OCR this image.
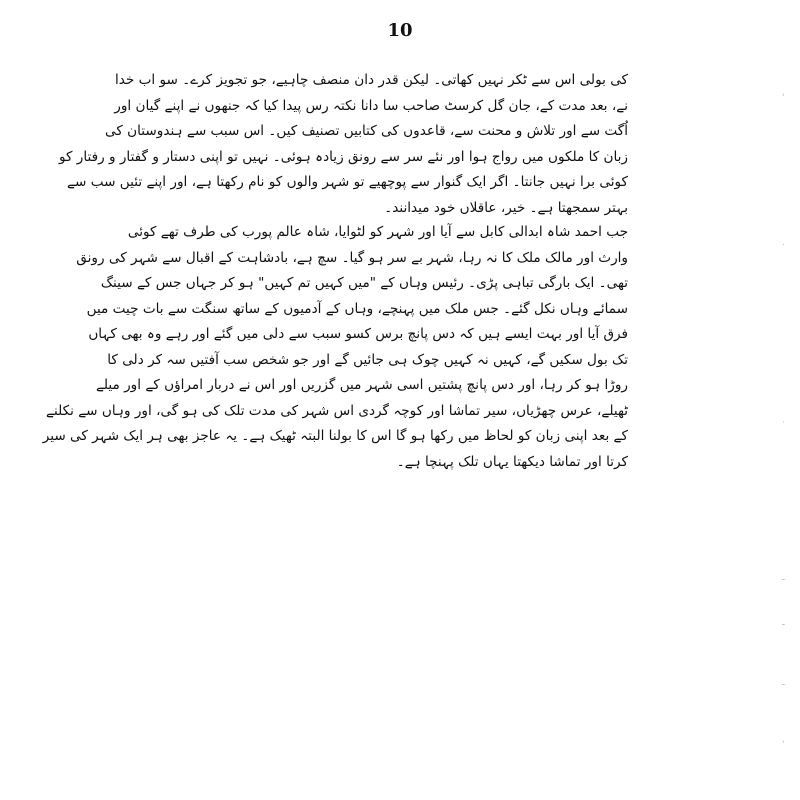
10
کی بولی اس سے ٹکر نہیں کھاتی۔ لیکن قدر دان منصف چاہیے، جو تجویز کرے۔ سو اب خدا
نے، بعد مدت کے، جان گل کرسٹ صاحب سا دانا نکتہ رس پیدا کیا کہ جنھوں نے اپنے گیان اور
اُگت سے اور تلاش و محنت سے، قاعدوں کی کتابیں تصنیف کیں۔ اس سبب سے ہندوستان کی
زبان کا ملکوں میں رواج ہوا اور نئے سر سے رونق زیادہ ہوئی۔ نہیں تو اپنی دستار و گفتار و رفتار کو
کوئی برا نہیں جانتا۔ اگر ایک گنوار سے پوچھیے تو شہر والوں کو نام رکھتا ہے، اور اپنے تئیں سب سے
بہتر سمجھتا ہے۔ خیر، عاقلاں خود میدانند۔
جب احمد شاہ ابدالی کابل سے آیا اور شہر کو لٹوایا، شاہ عالم پورب کی طرف تھے کوئی
وارث اور مالک ملک کا نہ رہا، شہر بے سر ہو گیا۔ سچ ہے، بادشاہت کے اقبال سے شہر کی رونق
تھی۔ ایک بارگی تباہی پڑی۔ رئیس وہاں کے "میں کہیں تم کہیں" ہو کر جہاں جس کے سینگ
سمائے وہاں نکل گئے۔ جس ملک میں پہنچے، وہاں کے آدمیوں کے ساتھ سنگت سے بات چیت میں
فرق آیا اور بہت ایسے ہیں کہ دس پانچ برس کسو سبب سے دلی میں گئے اور رہے وہ بھی کہاں
تک بول سکیں گے، کہیں نہ کہیں چوک ہی جائیں گے اور جو شخص سب آفتیں سہ کر دلی کا
روڑا ہو کر رہا، اور دس پانچ پشتیں اسی شہر میں گزریں اور اس نے دربار امراؤں کے اور میلے
ٹھیلے، عرس چھڑیاں، سیر تماشا اور کوچہ گردی اس شہر کی مدت تلک کی ہو گی، اور وہاں سے نکلنے
کے بعد اپنی زبان کو لحاظ میں رکھا ہو گا اس کا بولنا البتہ ٹھیک ہے۔ یہ عاجز بھی ہر ایک شہر کی سیر
کرتا اور تماشا دیکھتا یہاں تلک پہنچا ہے۔
'
.
·
ـ
ـ
ـ
'
